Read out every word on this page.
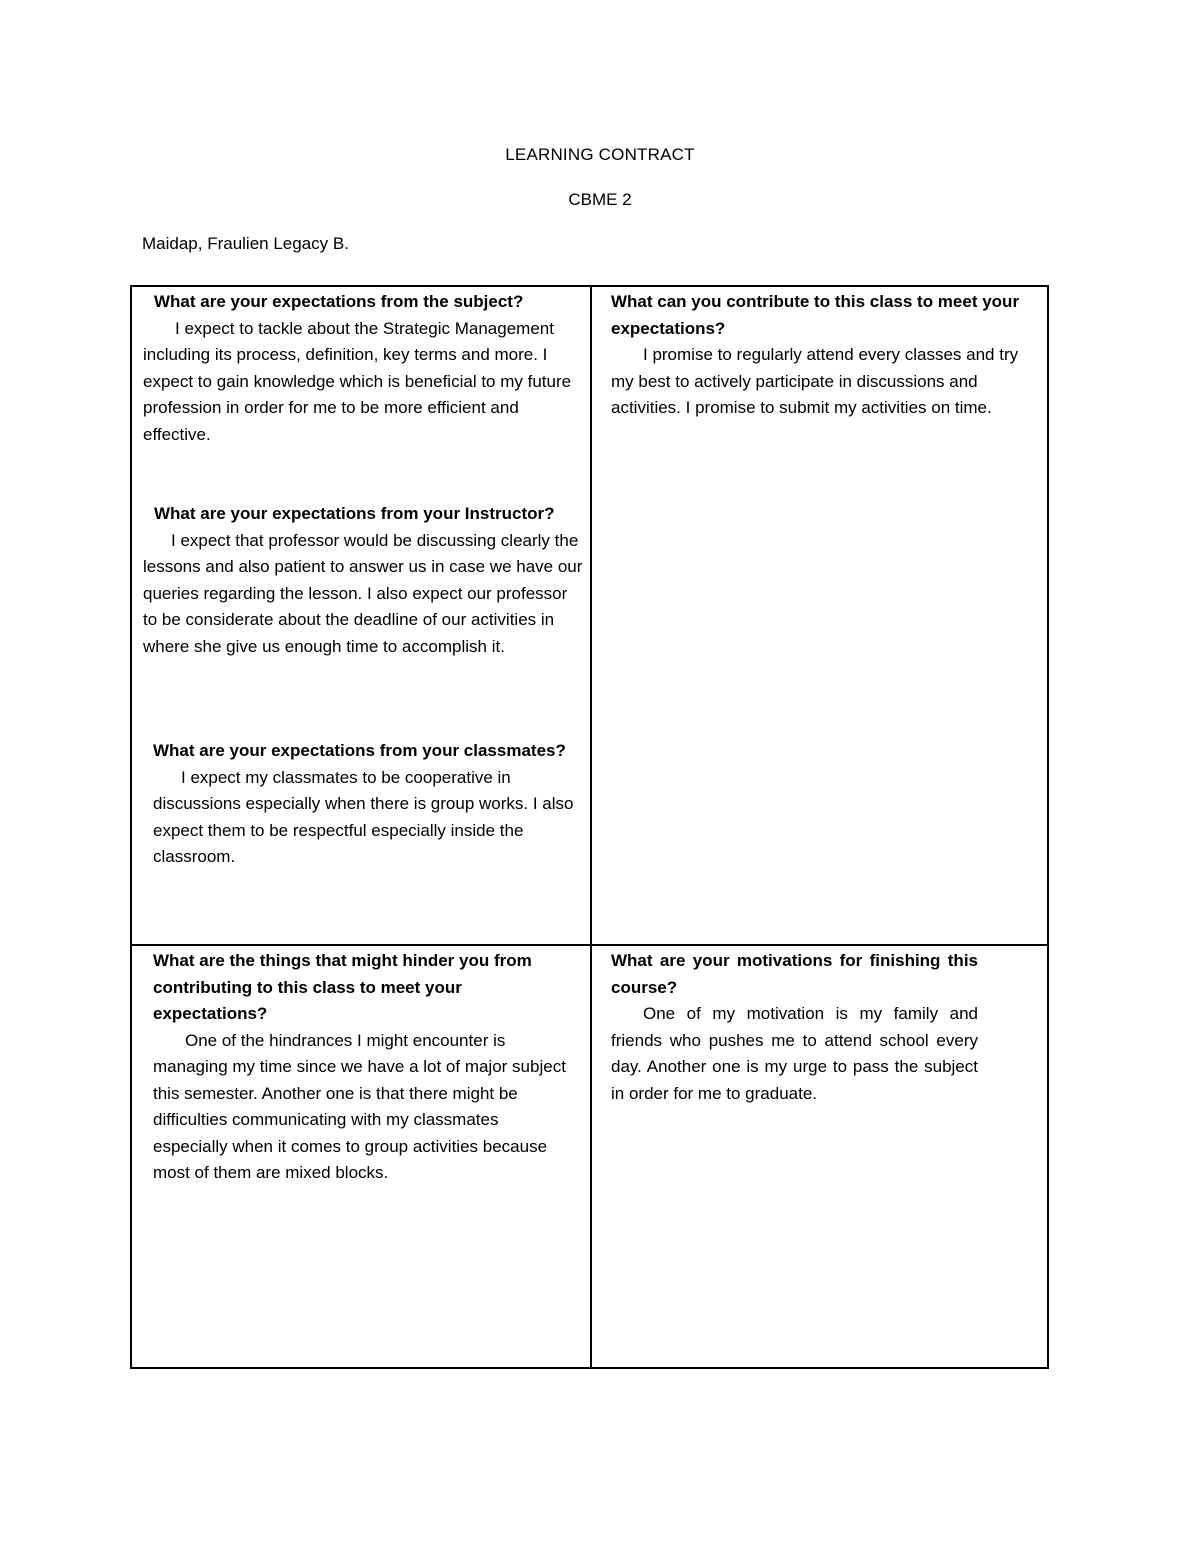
LEARNING CONTRACT
CBME 2
Maidap, Fraulien Legacy B.
What are your expectations from the subject?

I expect to tackle about the Strategic Management including its process, definition, key terms and more. I expect to gain knowledge which is beneficial to my future profession in order for me to be more efficient and effective.

What are your expectations from your Instructor?

I expect that professor would be discussing clearly the lessons and also patient to answer us in case we have our queries regarding the lesson. I also expect our professor to be considerate about the deadline of our activities in where she give us enough time to accomplish it.

What are your expectations from your classmates?

I expect my classmates to be cooperative in discussions especially when there is group works. I also expect them to be respectful especially inside the classroom.

What can you contribute to this class to meet your expectations?

I promise to regularly attend every classes and try my best to actively participate in discussions and activities. I promise to submit my activities on time.

What are the things that might hinder you from contributing to this class to meet your expectations?

One of the hindrances I might encounter is managing my time since we have a lot of major subject this semester. Another one is that there might be difficulties communicating with my classmates especially when it comes to group activities because most of them are mixed blocks.

What are your motivations for finishing this course?

One of my motivation is my family and friends who pushes me to attend school every day. Another one is my urge to pass the subject in order for me to graduate.
